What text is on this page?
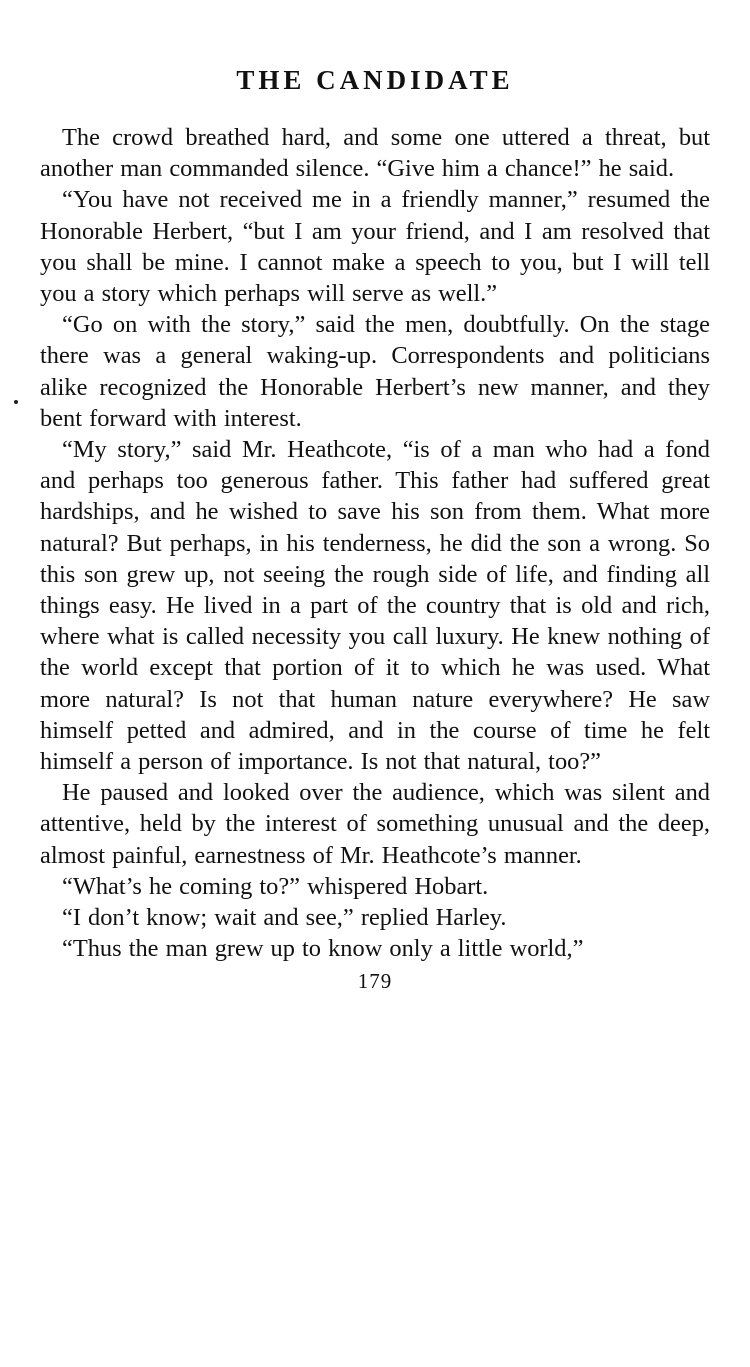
THE CANDIDATE

The crowd breathed hard, and some one uttered a threat, but another man commanded silence. “Give him a chance!” he said.

“You have not received me in a friendly manner,” resumed the Honorable Herbert, “but I am your friend, and I am resolved that you shall be mine. I cannot make a speech to you, but I will tell you a story which perhaps will serve as well.”

“Go on with the story,” said the men, doubtfully. On the stage there was a general waking-up. Correspondents and politicians alike recognized the Honorable Herbert’s new manner, and they bent forward with interest.

“My story,” said Mr. Heathcote, “is of a man who had a fond and perhaps too generous father. This father had suffered great hardships, and he wished to save his son from them. What more natural? But perhaps, in his tenderness, he did the son a wrong. So this son grew up, not seeing the rough side of life, and finding all things easy. He lived in a part of the country that is old and rich, where what is called necessity you call luxury. He knew nothing of the world except that portion of it to which he was used. What more natural? Is not that human nature everywhere? He saw himself petted and admired, and in the course of time he felt himself a person of importance. Is not that natural, too?”

He paused and looked over the audience, which was silent and attentive, held by the interest of something unusual and the deep, almost painful, earnestness of Mr. Heathcote’s manner.

“What’s he coming to?” whispered Hobart.

“I don’t know; wait and see,” replied Harley.

“Thus the man grew up to know only a little world,”

179
